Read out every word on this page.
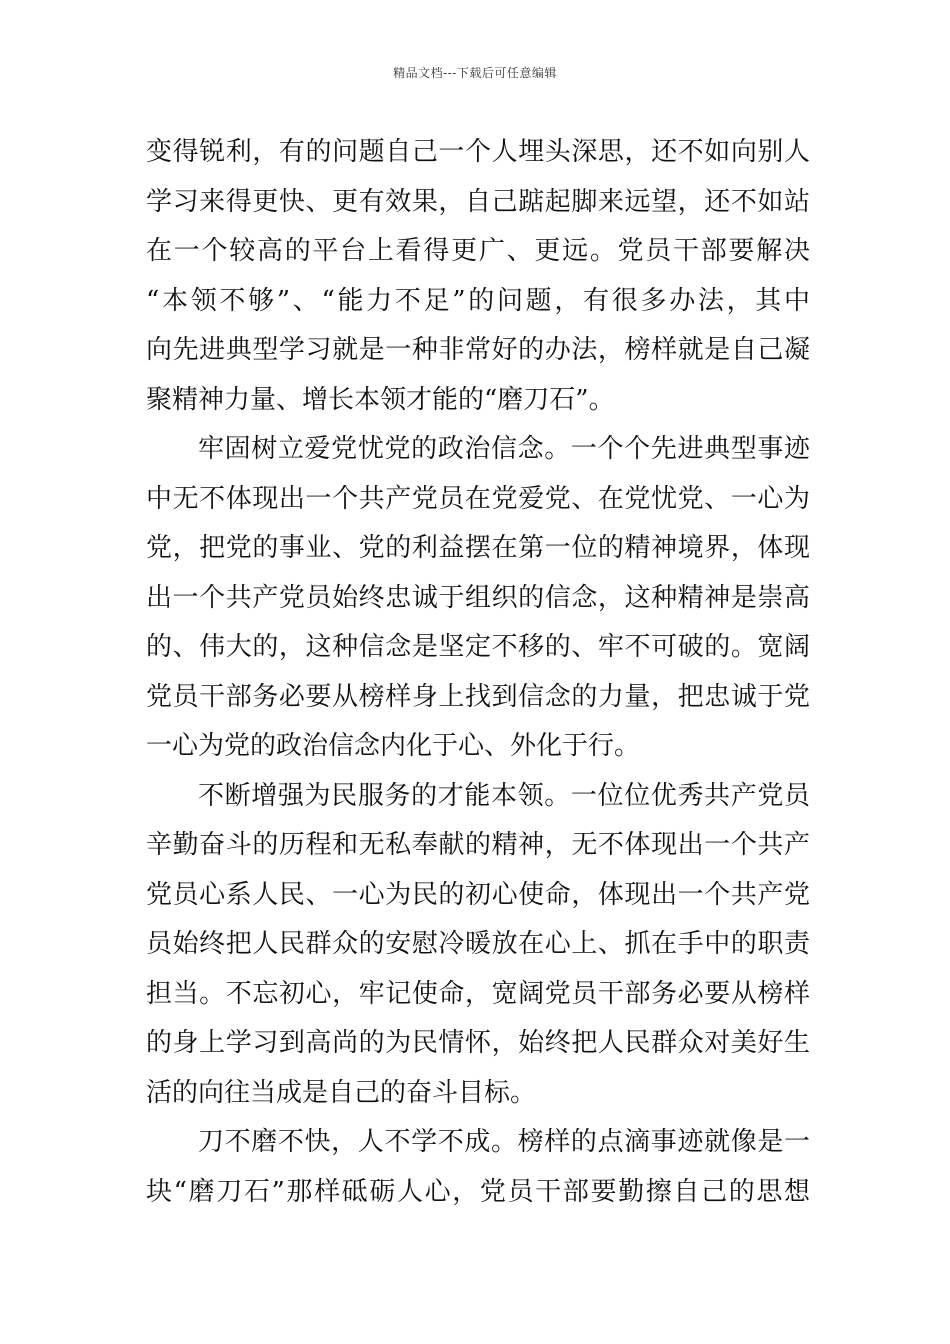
精品文档---下载后可任意编辑
变得锐利，有的问题自己一个人埋头深思，还不如向别人
学习来得更快、更有效果，自己踮起脚来远望，还不如站
在一个较高的平台上看得更广、更远。党员干部要解决
“本领不够”、“能力不足”的问题，有很多办法，其中
向先进典型学习就是一种非常好的办法，榜样就是自己凝
聚精神力量、增长本领才能的“磨刀石”。
牢固树立爱党忧党的政治信念。一个个先进典型事迹
中无不体现出一个共产党员在党爱党、在党忧党、一心为
党，把党的事业、党的利益摆在第一位的精神境界，体现
出一个共产党员始终忠诚于组织的信念，这种精神是崇高
的、伟大的，这种信念是坚定不移的、牢不可破的。宽阔
党员干部务必要从榜样身上找到信念的力量，把忠诚于党
一心为党的政治信念内化于心、外化于行。
不断增强为民服务的才能本领。一位位优秀共产党员
辛勤奋斗的历程和无私奉献的精神，无不体现出一个共产
党员心系人民、一心为民的初心使命，体现出一个共产党
员始终把人民群众的安慰冷暖放在心上、抓在手中的职责
担当。不忘初心，牢记使命，宽阔党员干部务必要从榜样
的身上学习到高尚的为民情怀，始终把人民群众对美好生
活的向往当成是自己的奋斗目标。
刀不磨不快，人不学不成。榜样的点滴事迹就像是一
块“磨刀石”那样砥砺人心，党员干部要勤擦自己的思想
